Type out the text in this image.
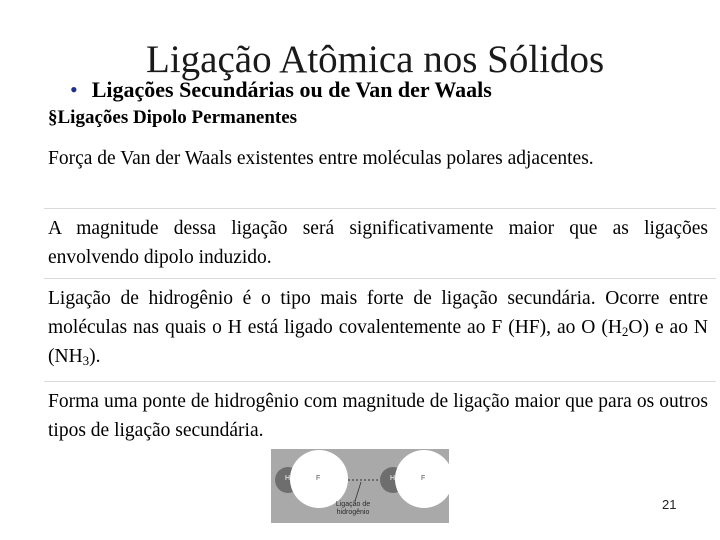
Ligação Atômica nos Sólidos
• Ligações Secundárias ou de Van der Waals
§Ligações Dipolo Permanentes
Força de Van der Waals existentes entre moléculas polares adjacentes.
A magnitude dessa ligação será significativamente maior que as ligações envolvendo dipolo induzido.
Ligação de hidrogênio é o tipo mais forte de ligação secundária. Ocorre entre moléculas nas quais o H está ligado covalentemente ao F (HF), ao O $(H_2O)$ e ao N $(NH_3)$.
Forma uma ponte de hidrogênio com magnitude de ligação maior que para os outros tipos de ligação secundária.
H	F	H	F
Ligação de hidrogênio
21
